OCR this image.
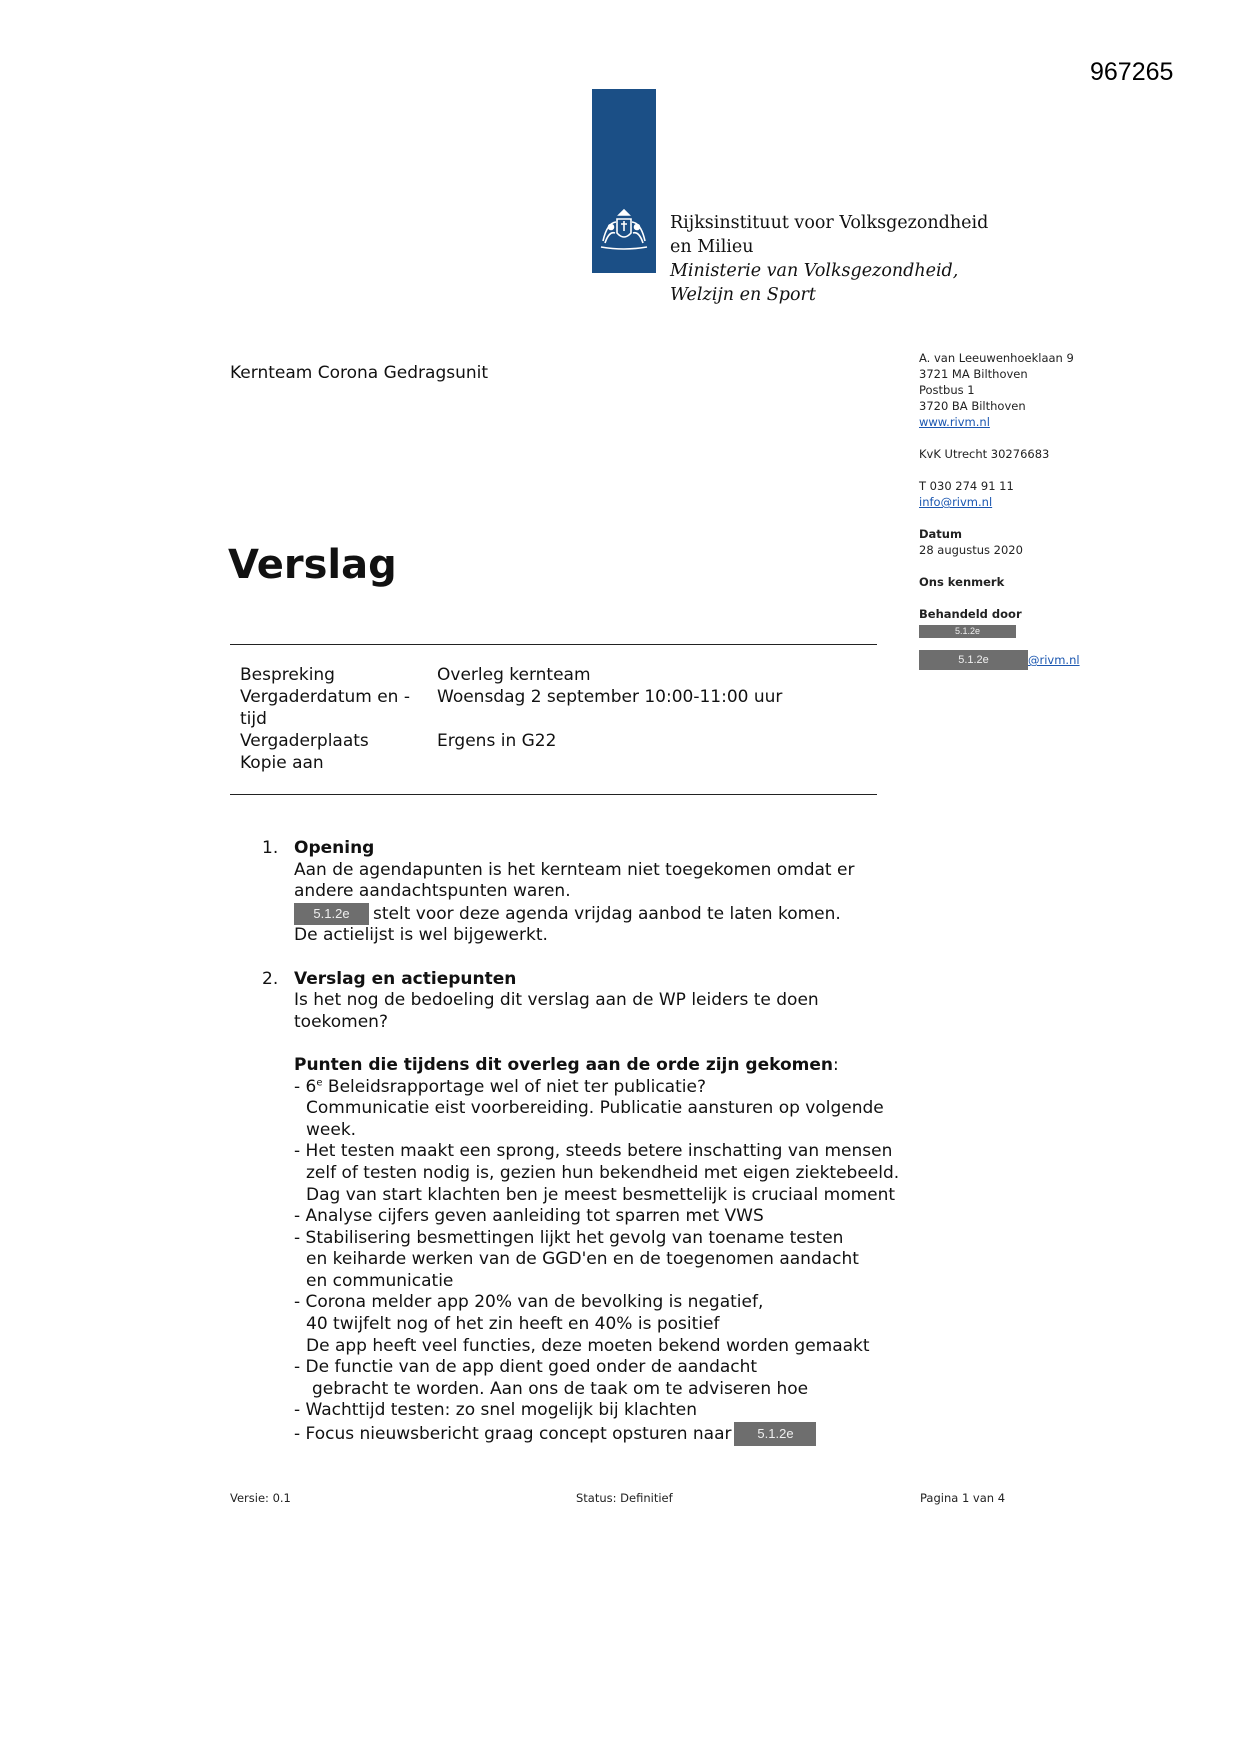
967265
Rijksinstituut voor Volksgezondheid
en Milieu
Ministerie van Volksgezondheid,
Welzijn en Sport
Kernteam Corona Gedragsunit
Verslag
A. van Leeuwenhoeklaan 9
3721 MA Bilthoven
Postbus 1
3720 BA Bilthoven
www.rivm.nl
KvK Utrecht 30276683
T 030 274 91 11
info@rivm.nl
Datum
28 augustus 2020
Ons kenmerk
Behandeld door
5.1.2e
5.1.2e	@rivm.nl
Bespreking	Overleg kernteam

Vergaderdatum en -
tijd	Woensdag 2 september 10:00-11:00 uur
Vergaderplaats	Ergens in G22
Kopie aan	
1. Opening
Aan de agendapunten is het kernteam niet toegekomen omdat er
andere aandachtspunten waren.
5.1.2e stelt voor deze agenda vrijdag aanbod te laten komen.
De actielijst is wel bijgewerkt.
2. Verslag en actiepunten
Is het nog de bedoeling dit verslag aan de WP leiders te doen
toekomen?
Punten die tijdens dit overleg aan de orde zijn gekomen:
- 6e Beleidsrapportage wel of niet ter publicatie?
Communicatie eist voorbereiding. Publicatie aansturen op volgende
week.
- Het testen maakt een sprong, steeds betere inschatting van mensen
zelf of testen nodig is, gezien hun bekendheid met eigen ziektebeeld.
Dag van start klachten ben je meest besmettelijk is cruciaal moment
- Analyse cijfers geven aanleiding tot sparren met VWS
- Stabilisering besmettingen lijkt het gevolg van toename testen
en keiharde werken van de GGD'en en de toegenomen aandacht
en communicatie
- Corona melder app 20% van de bevolking is negatief,
40 twijfelt nog of het zin heeft en 40% is positief
De app heeft veel functies, deze moeten bekend worden gemaakt
- De functie van de app dient goed onder de aandacht
gebracht te worden. Aan ons de taak om te adviseren hoe
- Wachttijd testen: zo snel mogelijk bij klachten
- Focus nieuwsbericht graag concept opsturen naar 5.1.2e
Versie: 0.1	Status: Definitief	Pagina 1 van 4
